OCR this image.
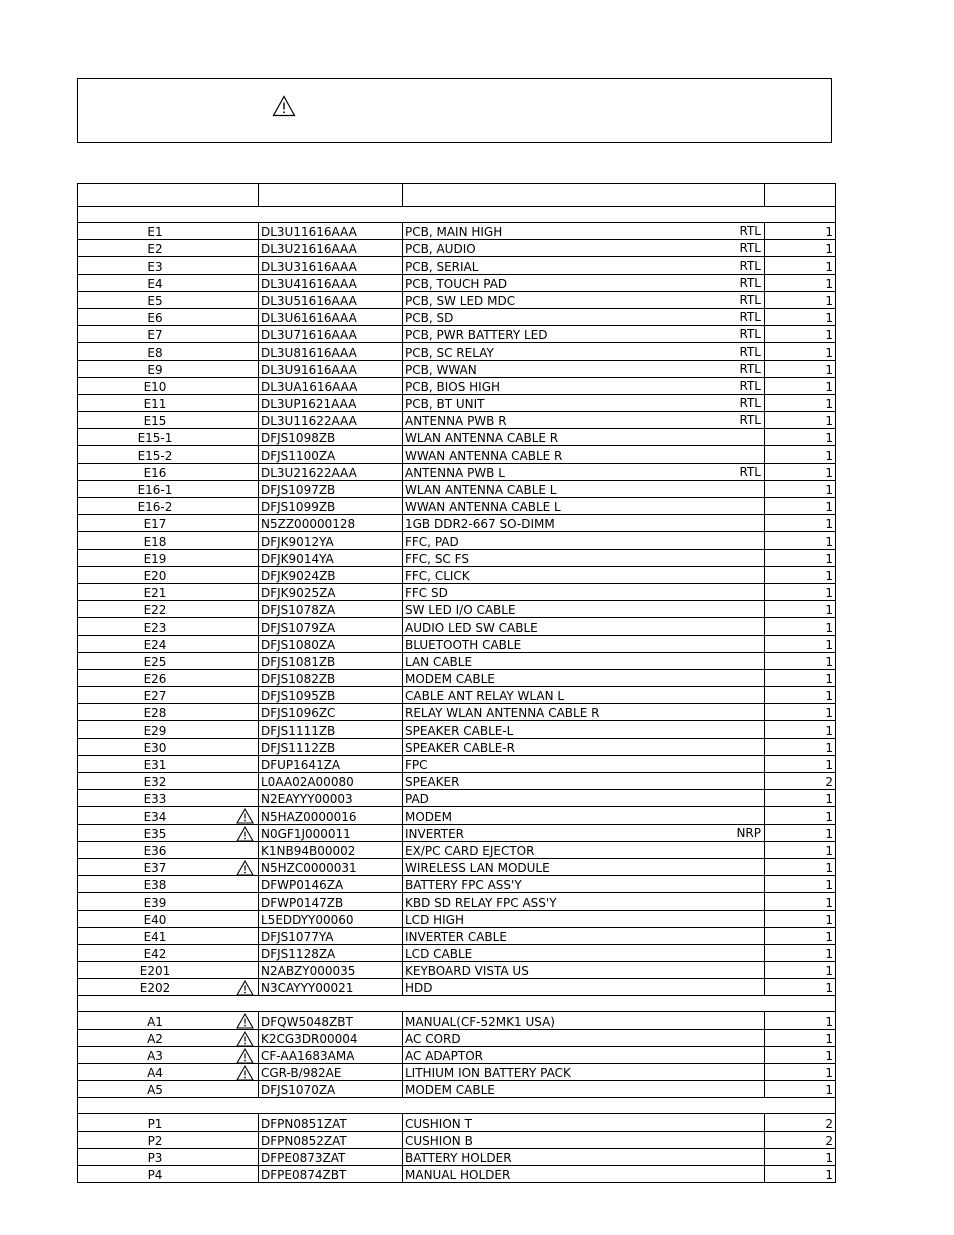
E1	DL3U11616AAA	PCB, MAIN HIGH RTL	1
E2	DL3U21616AAA	PCB, AUDIO RTL	1
E3	DL3U31616AAA	PCB, SERIAL RTL	1
E4	DL3U41616AAA	PCB, TOUCH PAD RTL	1
E5	DL3U51616AAA	PCB, SW LED MDC RTL	1
E6	DL3U61616AAA	PCB, SD RTL	1
E7	DL3U71616AAA	PCB, PWR BATTERY LED RTL	1
E8	DL3U81616AAA	PCB, SC RELAY RTL	1
E9	DL3U91616AAA	PCB, WWAN RTL	1
E10	DL3UA1616AAA	PCB, BIOS HIGH RTL	1
E11	DL3UP1621AAA	PCB, BT UNIT RTL	1
E15	DL3U11622AAA	ANTENNA PWB R RTL	1
E15-1	DFJS1098ZB	WLAN ANTENNA CABLE R	1
E15-2	DFJS1100ZA	WWAN ANTENNA CABLE R	1
E16	DL3U21622AAA	ANTENNA PWB L RTL	1
E16-1	DFJS1097ZB	WLAN ANTENNA CABLE L	1
E16-2	DFJS1099ZB	WWAN ANTENNA CABLE L	1
E17	N5ZZ00000128	1GB DDR2-667 SO-DIMM	1
E18	DFJK9012YA	FFC, PAD	1
E19	DFJK9014YA	FFC, SC FS	1
E20	DFJK9024ZB	FFC, CLICK	1
E21	DFJK9025ZA	FFC SD	1
E22	DFJS1078ZA	SW LED I/O CABLE	1
E23	DFJS1079ZA	AUDIO LED SW CABLE	1
E24	DFJS1080ZA	BLUETOOTH CABLE	1
E25	DFJS1081ZB	LAN CABLE	1
E26	DFJS1082ZB	MODEM CABLE	1
E27	DFJS1095ZB	CABLE ANT RELAY WLAN L	1
E28	DFJS1096ZC	RELAY WLAN ANTENNA CABLE R	1
E29	DFJS1111ZB	SPEAKER CABLE-L	1
E30	DFJS1112ZB	SPEAKER CABLE-R	1
E31	DFUP1641ZA	FPC	1
E32	L0AA02A00080	SPEAKER	2
E33	N2EAYYY00003	PAD	1
E34	N5HAZ0000016	MODEM	1
E35	N0GF1J000011	INVERTER NRP	1
E36	K1NB94B00002	EX/PC CARD EJECTOR	1
E37	N5HZC0000031	WIRELESS LAN MODULE	1
E38	DFWP0146ZA	BATTERY FPC ASS'Y	1
E39	DFWP0147ZB	KBD SD RELAY FPC ASS'Y	1
E40	L5EDDYY00060	LCD HIGH	1
E41	DFJS1077YA	INVERTER CABLE	1
E42	DFJS1128ZA	LCD CABLE	1
E201	N2ABZY000035	KEYBOARD VISTA US	1
E202	N3CAYYY00021	HDD	1

A1	DFQW5048ZBT	MANUAL(CF-52MK1 USA)	1
A2	K2CG3DR00004	AC CORD	1
A3	CF-AA1683AMA	AC ADAPTOR	1
A4	CGR-B/982AE	LITHIUM ION BATTERY PACK	1
A5	DFJS1070ZA	MODEM CABLE	1

P1	DFPN0851ZAT	CUSHION T	2
P2	DFPN0852ZAT	CUSHION B	2
P3	DFPE0873ZAT	BATTERY HOLDER	1
P4	DFPE0874ZBT	MANUAL HOLDER	1
